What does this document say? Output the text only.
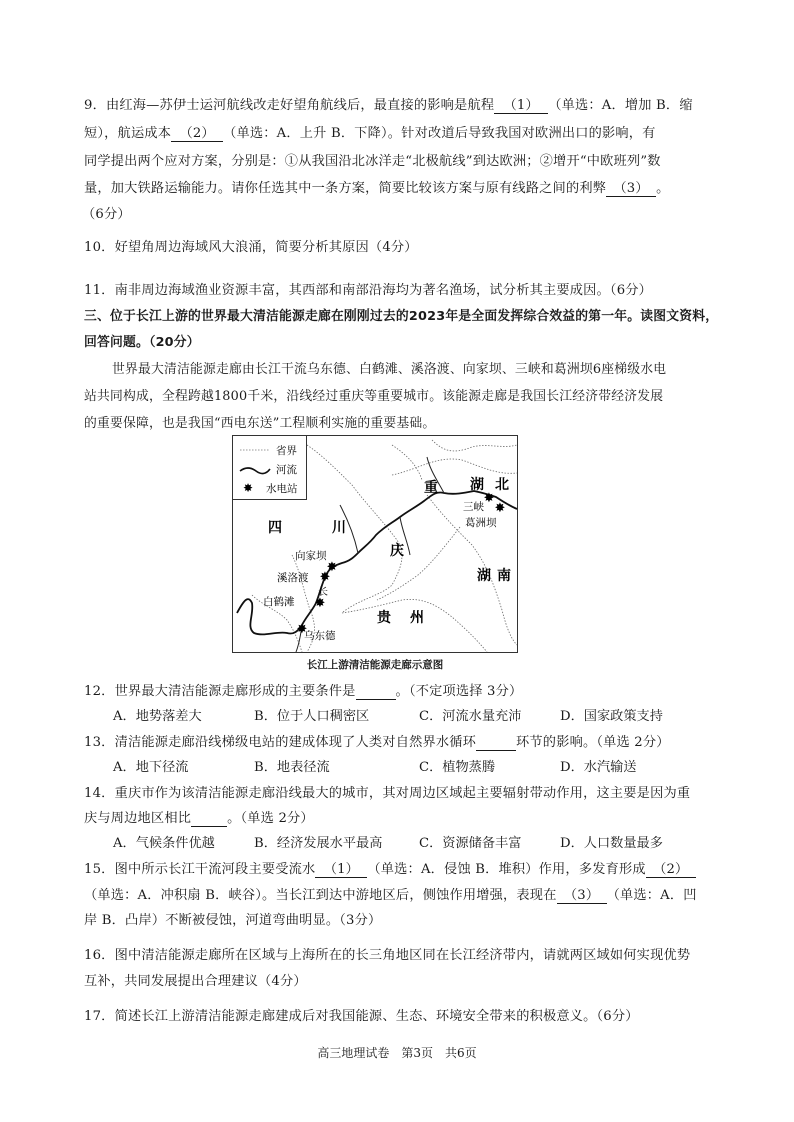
9．由红海—苏伊士运河航线改走好望角航线后，最直接的影响是航程 （1） （单选：A．增加 B．缩
短），航运成本 （2） （单选：A．上升 B．下降）。针对改道后导致我国对欧洲出口的影响，有
同学提出两个应对方案，分别是：①从我国沿北冰洋走“北极航线”到达欧洲；②增开“中欧班列”数
量，加大铁路运输能力。请你任选其中一条方案，简要比较该方案与原有线路之间的利弊 （3） 。
（6分）
10．好望角周边海域风大浪涌，简要分析其原因（4分）
11．南非周边海域渔业资源丰富，其西部和南部沿海均为著名渔场，试分析其主要成因。（6分）
三、位于长江上游的世界最大清洁能源走廊在刚刚过去的2023年是全面发挥综合效益的第一年。读图文资料，
回答问题。（20分）
世界最大清洁能源走廊由长江干流乌东德、白鹤滩、溪洛渡、向家坝、三峡和葛洲坝6座梯级水电
站共同构成，全程跨越1800千米，沿线经过重庆等重要城市。该能源走廊是我国长江经济带经济发展
的重要保障，也是我国“西电东送”工程顺利实施的重要基础。
省界
河流
✸ 水电站
✸
✸
✸
✸
✸
✸
乌东德
白鹤滩
溪洛渡
向家坝
三峡
葛洲坝
长
四	川
重
庆
湖 北
湖南
贵 州
长江上游清洁能源走廊示意图
12．世界最大清洁能源走廊形成的主要条件是	。（不定项选择 3分）
A．地势落差大	B．位于人口稠密区	C．河流水量充沛	D．国家政策支持
13．清洁能源走廊沿线梯级电站的建成体现了人类对自然界水循环	环节的影响。（单选 2分）
A．地下径流	B．地表径流	C．植物蒸腾	D．水汽输送
14．重庆市作为该清洁能源走廊沿线最大的城市，其对周边区域起主要辐射带动作用，这主要是因为重
庆与周边地区相比	。（单选 2分）
A．气候条件优越	B．经济发展水平最高	C．资源储备丰富	D．人口数量最多
15．图中所示长江干流河段主要受流水 （1） （单选：A．侵蚀 B．堆积）作用，多发育形成 （2）
（单选：A．冲积扇 B．峡谷）。当长江到达中游地区后，侧蚀作用增强，表现在 （3） （单选：A．凹
岸 B．凸岸）不断被侵蚀，河道弯曲明显。（3分）
16．图中清洁能源走廊所在区域与上海所在的长三角地区同在长江经济带内，请就两区域如何实现优势
互补，共同发展提出合理建议（4分）
17．简述长江上游清洁能源走廊建成后对我国能源、生态、环境安全带来的积极意义。（6分）
高三地理试卷　第3页　共6页
